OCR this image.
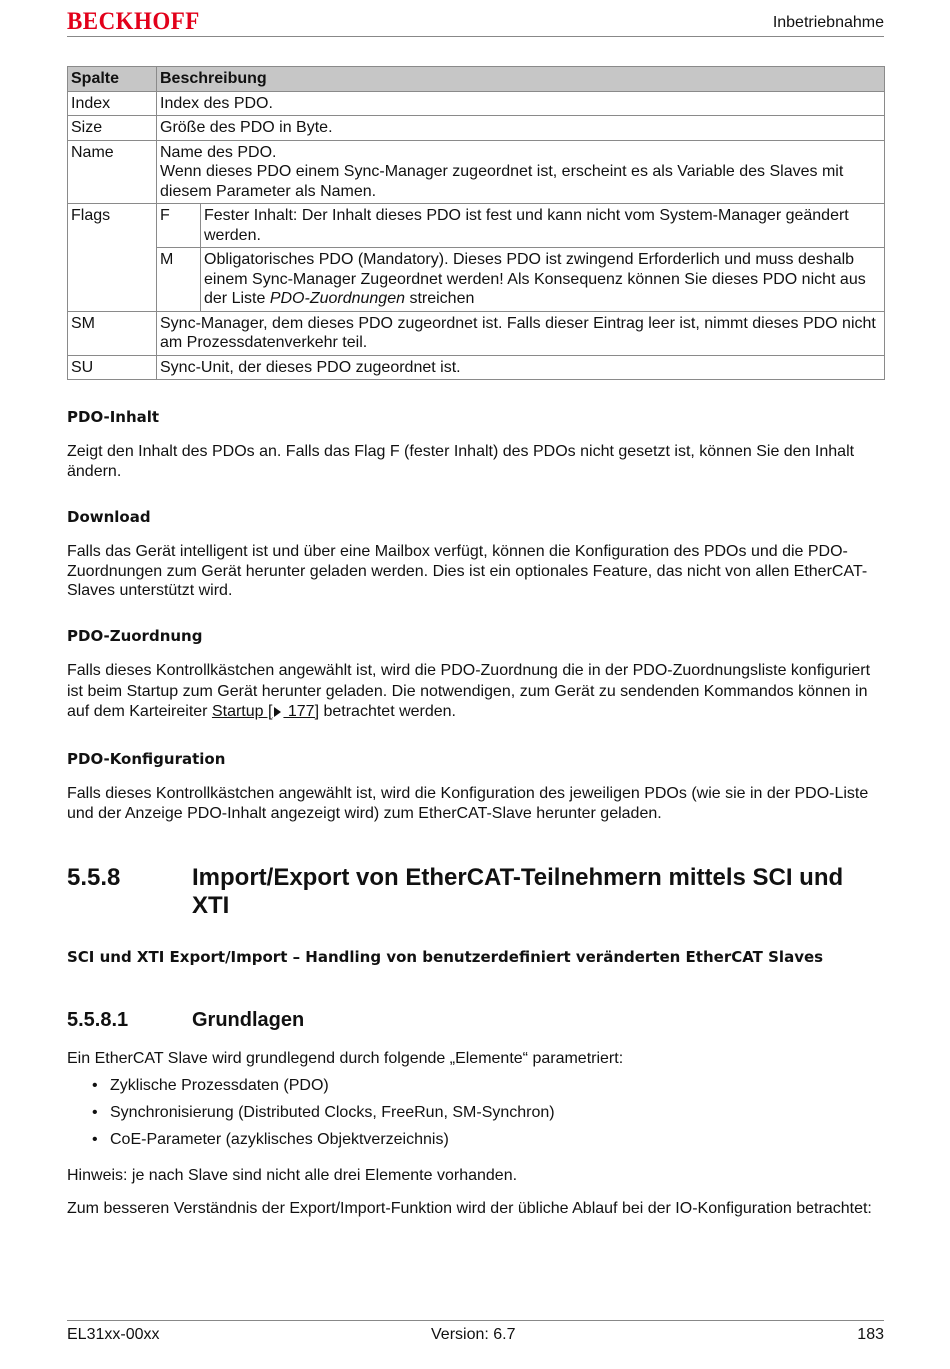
BECKHOFF	Inbetriebnahme
Spalte	Beschreibung	
Index	Index des PDO.	
Size	Größe des PDO in Byte.	
Name	Name des PDO.
Wenn dieses PDO einem Sync-Manager zugeordnet ist, erscheint es als Variable des Slaves mit diesem Parameter als Namen.	
Flags	F	Fester Inhalt: Der Inhalt dieses PDO ist fest und kann nicht vom System-Manager geändert werden.
	M	Obligatorisches PDO (Mandatory). Dieses PDO ist zwingend Erforderlich und muss deshalb einem Sync-Manager Zugeordnet werden! Als Konsequenz können Sie dieses PDO nicht aus der Liste PDO-Zuordnungen streichen
SM	Sync-Manager, dem dieses PDO zugeordnet ist. Falls dieser Eintrag leer ist, nimmt dieses PDO nicht am Prozessdatenverkehr teil.	
SU	Sync-Unit, der dieses PDO zugeordnet ist.	
PDO-Inhalt
Zeigt den Inhalt des PDOs an. Falls das Flag F (fester Inhalt) des PDOs nicht gesetzt ist, können Sie den Inhalt ändern.
Download
Falls das Gerät intelligent ist und über eine Mailbox verfügt, können die Konfiguration des PDOs und die PDO-Zuordnungen zum Gerät herunter geladen werden. Dies ist ein optionales Feature, das nicht von allen EtherCAT-Slaves unterstützt wird.
PDO-Zuordnung
Falls dieses Kontrollkästchen angewählt ist, wird die PDO-Zuordnung die in der PDO-Zuordnungsliste konfiguriert ist beim Startup zum Gerät herunter geladen. Die notwendigen, zum Gerät zu sendenden Kommandos können in auf dem Karteireiter Startup [ 177] betrachtet werden.
PDO-Konfiguration
Falls dieses Kontrollkästchen angewählt ist, wird die Konfiguration des jeweiligen PDOs (wie sie in der PDO-Liste und der Anzeige PDO-Inhalt angezeigt wird) zum EtherCAT-Slave herunter geladen.
5.5.8	Import/Export von EtherCAT-Teilnehmern mittels SCI und XTI
SCI und XTI Export/Import – Handling von benutzerdefiniert veränderten EtherCAT Slaves
5.5.8.1	Grundlagen
Ein EtherCAT Slave wird grundlegend durch folgende „Elemente“ parametriert:
• Zyklische Prozessdaten (PDO)
• Synchronisierung (Distributed Clocks, FreeRun, SM-Synchron)
• CoE-Parameter (azyklisches Objektverzeichnis)
Hinweis: je nach Slave sind nicht alle drei Elemente vorhanden.
Zum besseren Verständnis der Export/Import-Funktion wird der übliche Ablauf bei der IO-Konfiguration betrachtet:
EL31xx-00xx	Version: 6.7	183
